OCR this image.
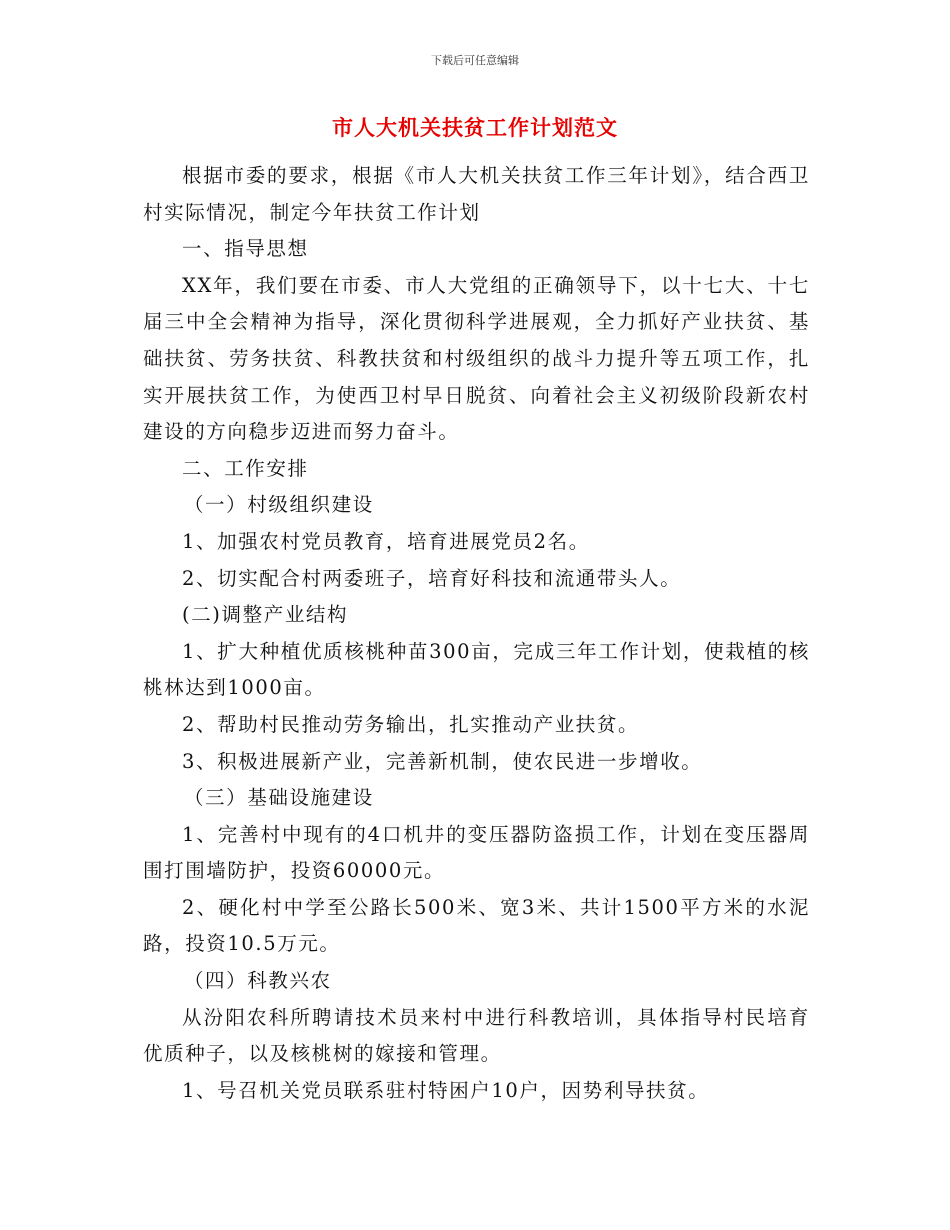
下载后可任意编辑
市人大机关扶贫工作计划范文

根据市委的要求，根据《市人大机关扶贫工作三年计划》，结合西卫村实际情况，制定今年扶贫工作计划

一、指导思想

XX年，我们要在市委、市人大党组的正确领导下，以十七大、十七届三中全会精神为指导，深化贯彻科学进展观，全力抓好产业扶贫、基础扶贫、劳务扶贫、科教扶贫和村级组织的战斗力提升等五项工作，扎实开展扶贫工作，为使西卫村早日脱贫、向着社会主义初级阶段新农村建设的方向稳步迈进而努力奋斗。

二、工作安排

（一）村级组织建设

1、加强农村党员教育，培育进展党员2名。

2、切实配合村两委班子，培育好科技和流通带头人。

(二)调整产业结构

1、扩大种植优质核桃种苗300亩，完成三年工作计划，使栽植的核桃林达到1000亩。

2、帮助村民推动劳务输出，扎实推动产业扶贫。

3、积极进展新产业，完善新机制，使农民进一步增收。

（三）基础设施建设

1、完善村中现有的4口机井的变压器防盗损工作，计划在变压器周围打围墙防护，投资60000元。

2、硬化村中学至公路长500米、宽3米、共计1500平方米的水泥路，投资10.5万元。

（四）科教兴农

从汾阳农科所聘请技术员来村中进行科教培训，具体指导村民培育优质种子，以及核桃树的嫁接和管理。

1、号召机关党员联系驻村特困户10户，因势利导扶贫。
